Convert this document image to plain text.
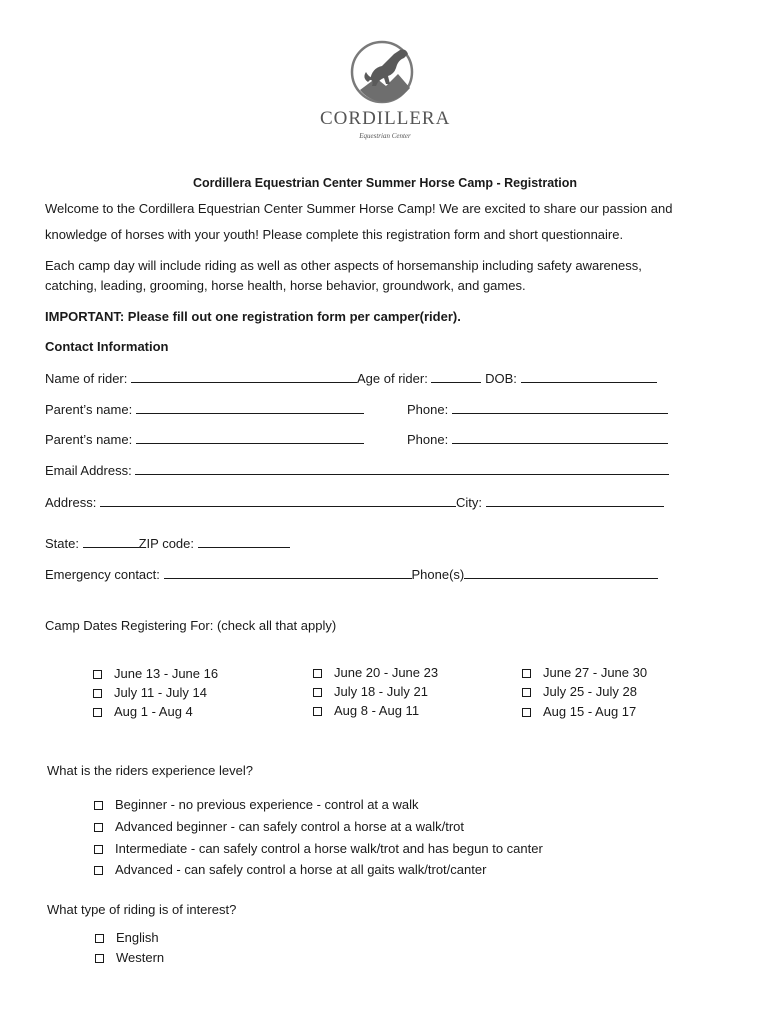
CORDILLERA
Equestrian Center
Cordillera Equestrian Center Summer Horse Camp - Registration
Welcome to the Cordillera Equestrian Center Summer Horse Camp! We are excited to share our passion and
knowledge of horses with your youth! Please complete this registration form and short questionnaire.
Each camp day will include riding as well as other aspects of horsemanship including safety awareness,
catching, leading, grooming, horse health, horse behavior, groundwork, and games.
IMPORTANT: Please fill out one registration form per camper(rider).
Contact Information
Name of rider:	Age of rider:	DOB:
Parent’s name:	Phone:
Parent’s name:	Phone:
Email Address:
Address:	City:
State:	ZIP code:
Emergency contact:	Phone(s)
Camp Dates Registering For: (check all that apply)
June 13 - June 16
July 11 - July 14
Aug 1 - Aug 4
June 20 - June 23
July 18 - July 21
Aug 8 - Aug 11
June 27 - June 30
July 25 - July 28
Aug 15 - Aug 17
What is the riders experience level?
Beginner - no previous experience - control at a walk
Advanced beginner - can safely control a horse at a walk/trot
Intermediate - can safely control a horse walk/trot and has begun to canter
Advanced - can safely control a horse at all gaits walk/trot/canter
What type of riding is of interest?
English
Western
